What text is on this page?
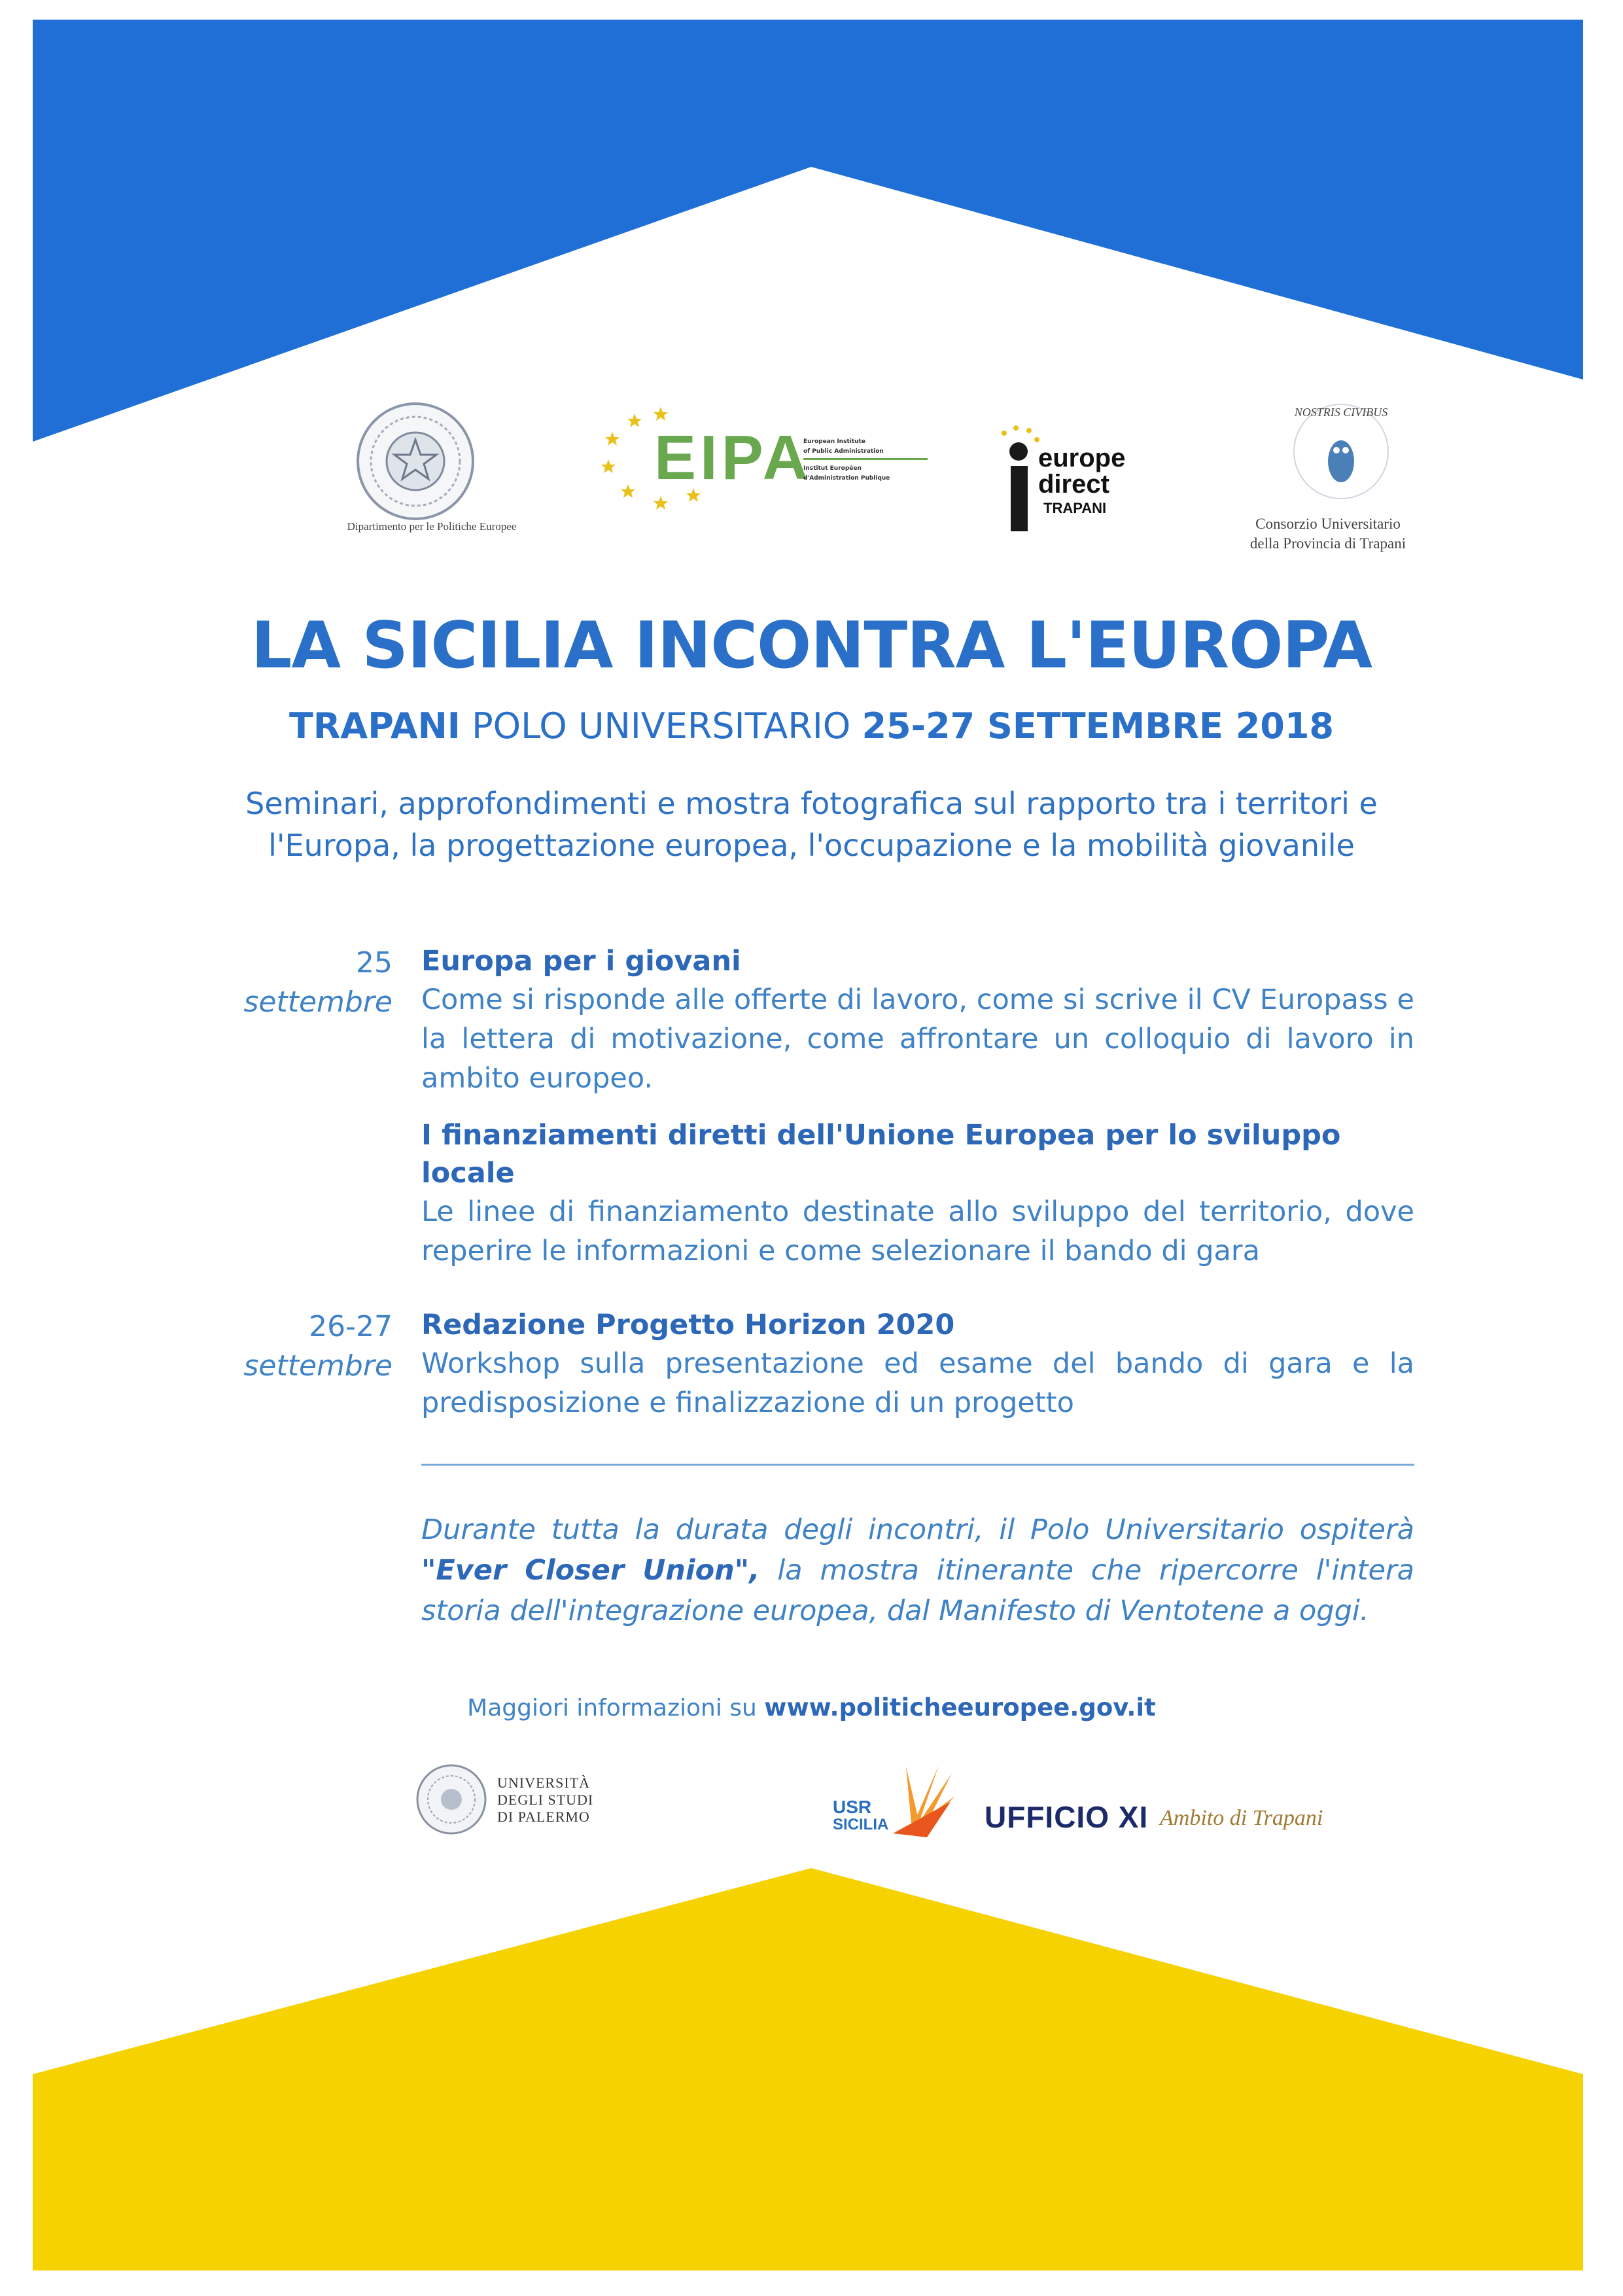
Dipartimento per le Politiche Europee
EIPA
European Institute
of Public Administration
Institut Européen
d'Administration Publique
europe
direct
TRAPANI
NOSTRIS CIVIBUS
Consorzio Universitario
della Provincia di Trapani
LA SICILIA INCONTRA L'EUROPA
TRAPANI POLO UNIVERSITARIO 25-27 SETTEMBRE 2018
Seminari, approfondimenti e mostra fotografica sul rapporto tra i territori e
l'Europa, la progettazione europea, l'occupazione e la mobilità giovanile
25
settembre
Europa per i giovani
Come si risponde alle offerte di lavoro, come si scrive il CV Europass e la lettera di motivazione, come affrontare un colloquio di lavoro in ambito europeo.
I finanziamenti diretti dell'Unione Europea per lo sviluppo locale
Le linee di finanziamento destinate allo sviluppo del territorio, dove reperire le informazioni e come selezionare il bando di gara
26-27
settembre
Redazione Progetto Horizon 2020
Workshop sulla presentazione ed esame del bando di gara e la predisposizione e finalizzazione di un progetto
Durante tutta la durata degli incontri, il Polo Universitario ospiterà "Ever Closer Union", la mostra itinerante che ripercorre l'intera storia dell'integrazione europea, dal Manifesto di Ventotene a oggi.
Maggiori informazioni su www.politicheeuropee.gov.it
UNIVERSITÀ
DEGLI STUDI
DI PALERMO	USR
SICILIA	UFFICIO XI Ambito di Trapani
